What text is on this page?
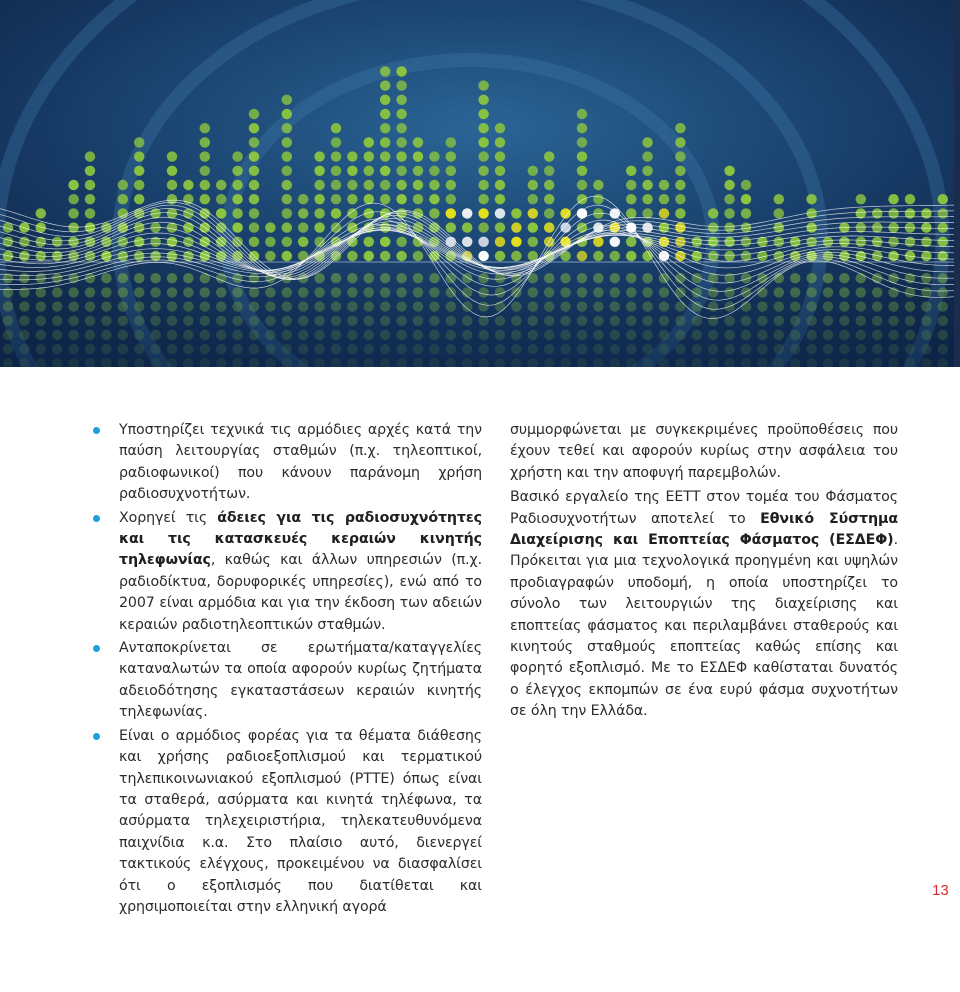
Υποστηρίζει τεχνικά τις αρμόδιες αρχές κατά την παύση λειτουργίας σταθμών (π.χ. τηλεοπτικοί, ραδιοφωνικοί) που κάνουν παράνομη χρήση ραδιοσυχνοτήτων.
Χορηγεί τις άδειες για τις ραδιοσυχνότητες και τις κατασκευές κεραιών κινητής τηλεφωνίας, καθώς και άλλων υπηρεσιών (π.χ. ραδιοδίκτυα, δορυφορικές υπηρεσίες), ενώ από το 2007 είναι αρμόδια και για την έκδοση των αδειών κεραιών ραδιοτηλεοπτικών σταθμών.
Ανταποκρίνεται σε ερωτήματα/καταγγελίες καταναλωτών τα οποία αφορούν κυρίως ζητήματα αδειοδότησης εγκαταστάσεων κεραιών κινητής τηλεφωνίας.
Είναι ο αρμόδιος φορέας για τα θέματα διάθεσης και χρήσης ραδιοεξοπλισμού και τερματικού τηλεπικοινωνιακού εξοπλισμού (ΡΤΤΕ) όπως είναι τα σταθερά, ασύρματα και κινητά τηλέφωνα, τα ασύρματα τηλεχειριστήρια, τηλεκατευθυνόμενα παιχνίδια κ.α. Στο πλαίσιο αυτό, διενεργεί τακτικούς ελέγχους, προκειμένου να διασφαλίσει ότι ο εξοπλισμός που διατίθεται και χρησιμοποιείται στην ελληνική αγορά

συμμορφώνεται με συγκεκριμένες προϋποθέσεις που έχουν τεθεί και αφορούν κυρίως στην ασφάλεια του χρήστη και την αποφυγή παρεμβολών.

Βασικό εργαλείο της ΕΕΤΤ στον τομέα του Φάσματος Ραδιοσυχνοτήτων αποτελεί το Εθνικό Σύστημα Διαχείρισης και Εποπτείας Φάσματος (ΕΣΔΕΦ). Πρόκειται για μια τεχνολογικά προηγμένη και υψηλών προδιαγραφών υποδομή, η οποία υποστηρίζει το σύνολο των λειτουργιών της διαχείρισης και εποπτείας φάσματος και περιλαμβάνει σταθερούς και κινητούς σταθμούς εποπτείας καθώς επίσης και φορητό εξοπλισμό. Με το ΕΣΔΕΦ καθίσταται δυνατός ο έλεγχος εκπομπών σε ένα ευρύ φάσμα συχνοτήτων σε όλη την Ελλάδα.

13
